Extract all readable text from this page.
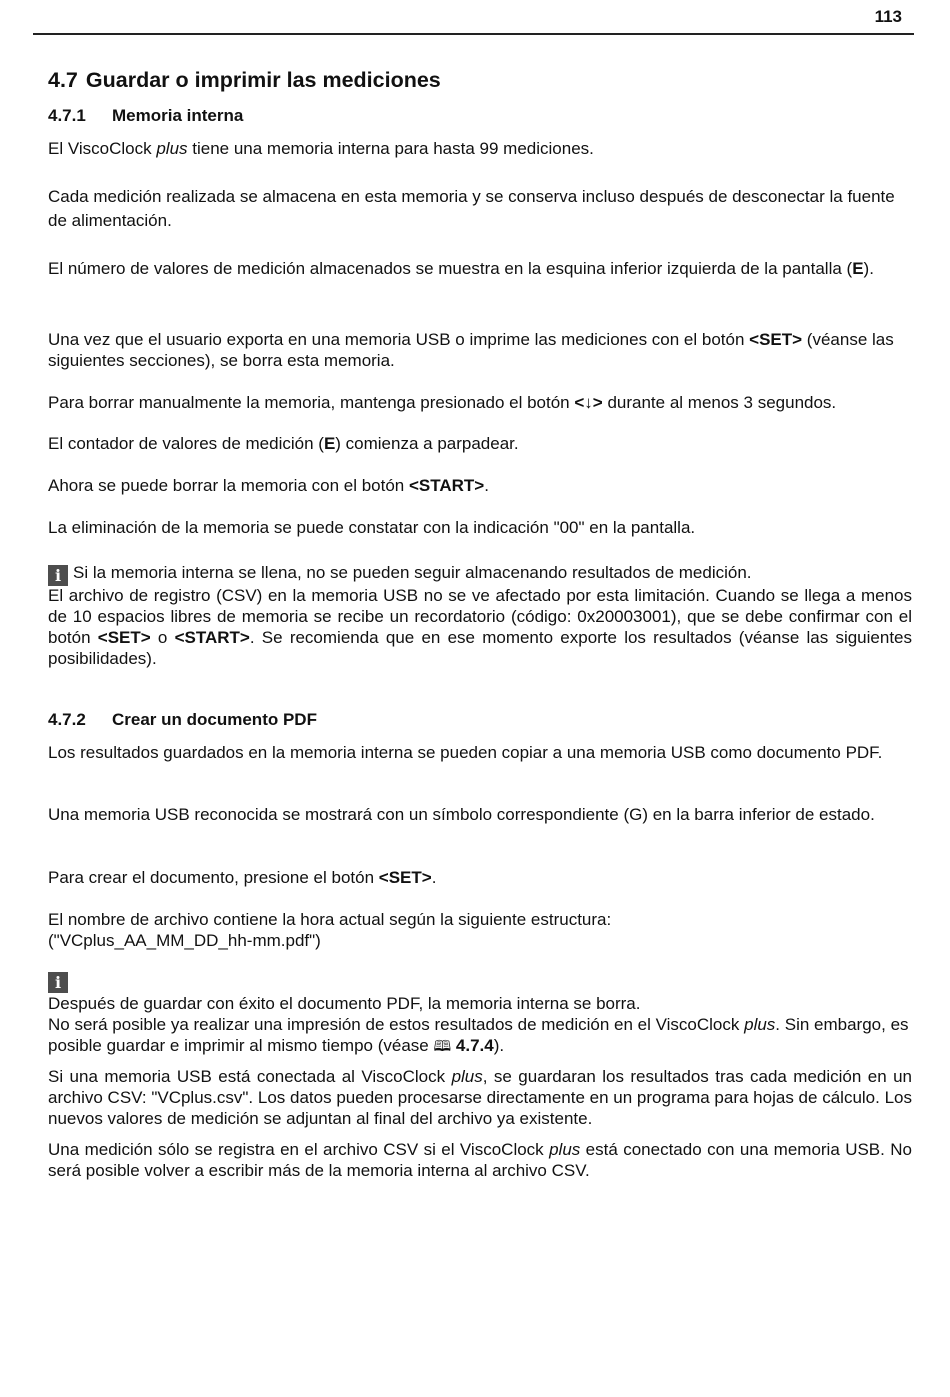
113
4.7 Guardar o imprimir las mediciones
4.7.1 Memoria interna

El ViscoClock plus tiene una memoria interna para hasta 99 mediciones.

Cada medición realizada se almacena en esta memoria y se conserva incluso después de desconectar la fuente de alimentación.

El número de valores de medición almacenados se muestra en la esquina inferior izquierda de la pantalla (E).

Una vez que el usuario exporta en una memoria USB o imprime las mediciones con el botón <SET> (véanse las siguientes secciones), se borra esta memoria.

Para borrar manualmente la memoria, mantenga presionado el botón <↓> durante al menos 3 segundos.

El contador de valores de medición (E) comienza a parpadear.

Ahora se puede borrar la memoria con el botón <START>.

La eliminación de la memoria se puede constatar con la indicación "00" en la pantalla.

i Si la memoria interna se llena, no se pueden seguir almacenando resultados de medición.

El archivo de registro (CSV) en la memoria USB no se ve afectado por esta limitación. Cuando se llega a menos de 10 espacios libres de memoria se recibe un recordatorio (código: 0x20003001), que se debe confirmar con el botón <SET> o <START>. Se recomienda que en ese momento exporte los resultados (véanse las siguientes posibilidades).

4.7.2 Crear un documento PDF

Los resultados guardados en la memoria interna se pueden copiar a una memoria USB como documento PDF.

Una memoria USB reconocida se mostrará con un símbolo correspondiente (G) en la barra inferior de estado.

Para crear el documento, presione el botón <SET>.

El nombre de archivo contiene la hora actual según la siguiente estructura:
("VCplus_AA_MM_DD_hh-mm.pdf")

i

Después de guardar con éxito el documento PDF, la memoria interna se borra.
No será posible ya realizar una impresión de estos resultados de medición en el ViscoClock plus. Sin embargo, es posible guardar e imprimir al mismo tiempo (véase 🕮 4.7.4).

Si una memoria USB está conectada al ViscoClock plus, se guardaran los resultados tras cada medición en un archivo CSV: "VCplus.csv". Los datos pueden procesarse directamente en un programa para hojas de cálculo. Los nuevos valores de medición se adjuntan al final del archivo ya existente.

Una medición sólo se registra en el archivo CSV si el ViscoClock plus está conectado con una memoria USB. No será posible volver a escribir más de la memoria interna al archivo CSV.
